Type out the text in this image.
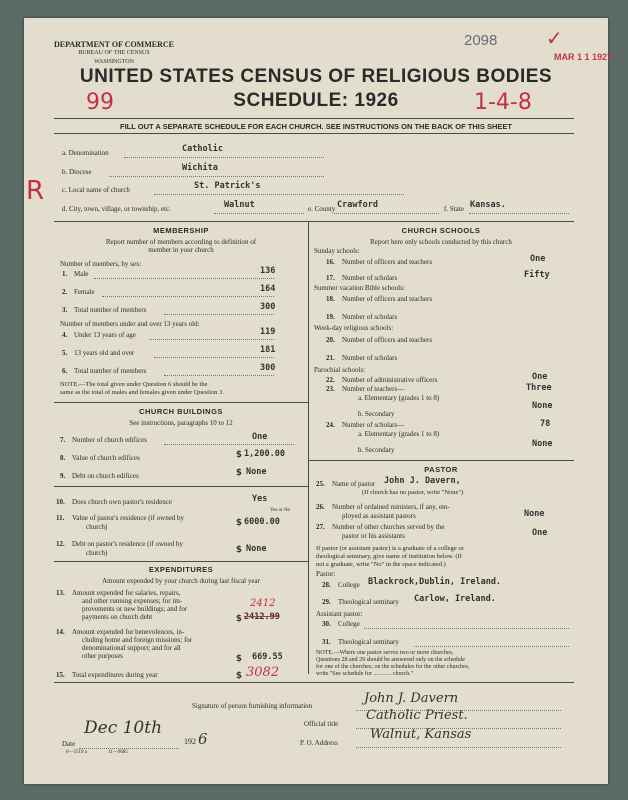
DEPARTMENT OF COMMERCE
BUREAU OF THE CENSUS
WASHINGTON
2098
MAR 1 1 1927
✓
UNITED STATES CENSUS OF RELIGIOUS BODIES
SCHEDULE: 1926
99	1-4-8
FILL OUT A SEPARATE SCHEDULE FOR EACH CHURCH. SEE INSTRUCTIONS ON THE BACK OF THIS SHEET
R
a. Denomination	Catholic
b. Diocese	Wichita
c. Local name of church	St. Patrick's
d. City, town, village, or township, etc.	Walnut	e. County Crawford	f. State Kansas.
MEMBERSHIP
Report number of members according to definition of
member in your church
Number of members, by sex:
1. Male	136
2. Female	164
3. Total number of members	300
Number of members under and over 13 years old:
4. Under 13 years of age	119
5. 13 years old and over	181
6. Total number of members	300
NOTE.—The total given under Question 6 should be the
same as the total of males and females given under Question 3.
CHURCH BUILDINGS
See instructions, paragraphs 10 to 12
7. Number of church edifices	One
8. Value of church edifices	$ 1,200.00
9. Debt on church edifices	$ None
10. Does church own pastor's residence	Yes
Yes or No
11. Value of pastor's residence (if owned by
church)	$ 6000.00
12. Debt on pastor's residence (if owned by
church)	$ None
EXPENDITURES
Amount expended by your church during last fiscal year
13. Amount expended for salaries, repairs,
and other running expenses; for im-
provements or new buildings; and for
payments on church debt
2412
$ 2412.99
14. Amount expended for benevolences, in-
cluding home and foreign missions; for
denominational support; and for all
other purposes	$ 669.55
15. Total expenditures during year	$ 3082
CHURCH SCHOOLS
Report here only schools conducted by this church
Sunday schools:
16. Number of officers and teachers	One
17. Number of scholars	Fifty
Summer vacation Bible schools:
18. Number of officers and teachers
19. Number of scholars
Week-day religious schools:
20. Number of officers and teachers
21. Number of scholars
Parochial schools:
22. Number of administrative officers	One
23. Number of teachers—
a. Elementary (grades 1 to 8)
Three
b. Secondary
None
24. Number of scholars—
a. Elementary (grades 1 to 8)
78
b. Secondary
None
PASTOR
25. Name of pastor John J. Davern,
(If church has no pastor, write "None")
26. Number of ordained ministers, if any, em-
ployed as assistant pastors	None
27. Number of other churches served by the
pastor or his assistants	One
If pastor (or assistant pastor) is a graduate of a college or
theological seminary, give name of institution below. (If
not a graduate, write "No" in the space indicated.)
Pastor:
28. College Blackrock,Dublin, Ireland.
29. Theological seminary Carlow, Ireland.
Assistant pastor:
30. College
31. Theological seminary
NOTE.—Where one pastor serves two or more churches,
Questions 28 and 29 should be answered only on the schedule
for one of the churches; on the schedules for the other churches,
write "See schedule for ............ church."
Signature of person furnishing information	John J. Davern
Official title
Catholic Priest.
P. O. Address
Walnut, Kansas
Date
Dec 10th
192 6
6—5519 a	11—9685
